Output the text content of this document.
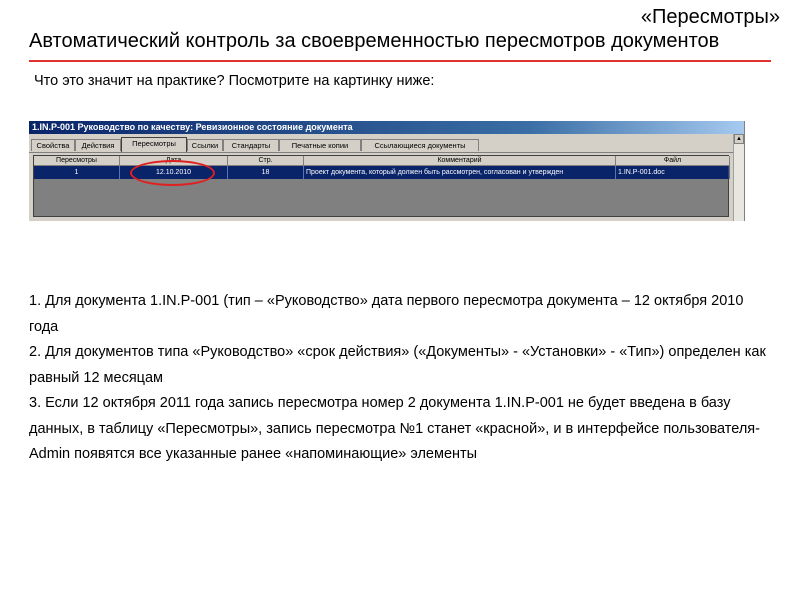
«Пересмотры»
Автоматический контроль за своевременностью пересмотров документов
Что это значит на практике? Посмотрите на картинку ниже:
1.IN.P-001 Руководство по качеству: Ревизионное состояние документа
Свойства	Действия	Пересмотры	Ссылки	Стандарты	Печатные копии	Ссылающиеся документы
Пересмотры	Дата	Стр.	Комментарий	Файл
1	12.10.2010	18	Проект документа, который должен быть рассмотрен, согласован и утвержден	1.IN.P-001.doc
▲

1. Для документа 1.IN.P-001 (тип – «Руководство» дата первого пересмотра документа – 12 октября 2010 года

2. Для документов типа «Руководство» «срок действия» («Документы» - «Установки» - «Тип») определен как равный 12 месяцам

3. Если 12 октября 2011 года запись пересмотра номер 2 документа 1.IN.P-001 не будет введена в базу данных, в таблицу «Пересмотры», запись пересмотра №1 станет «красной», и в интерфейсе пользователя-Admin появятся все указанные ранее «напоминающие» элементы
